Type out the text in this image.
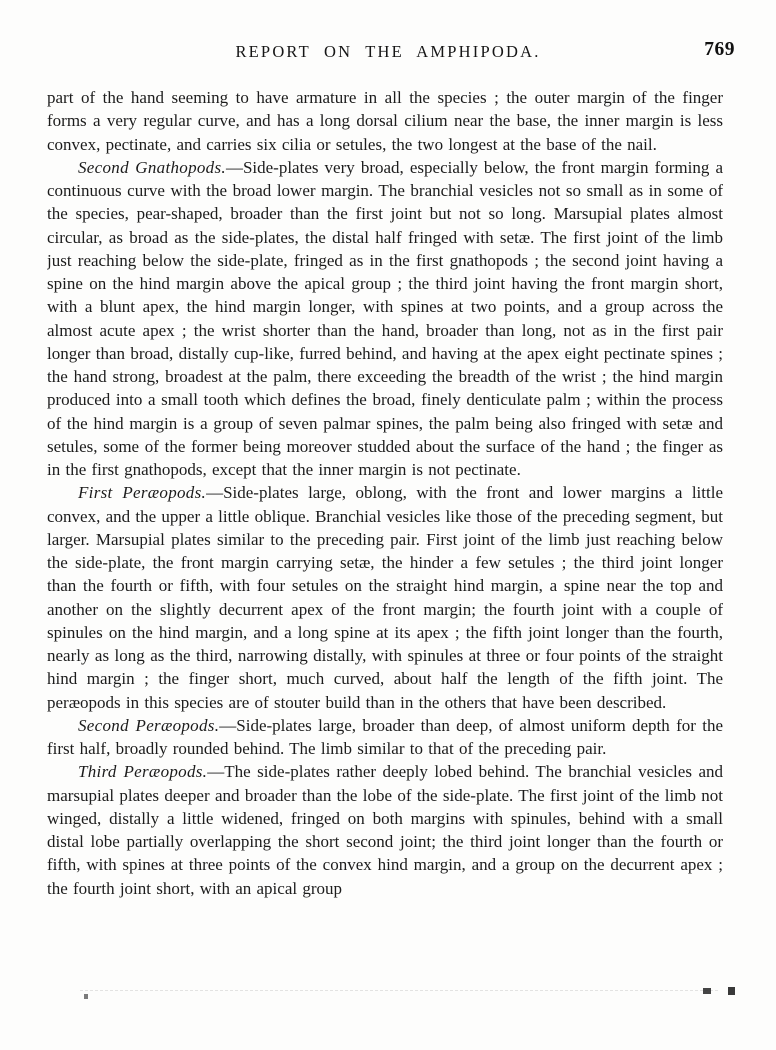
REPORT ON THE AMPHIPODA.	769

part of the hand seeming to have armature in all the species ; the outer margin of the finger forms a very regular curve, and has a long dorsal cilium near the base, the inner margin is less convex, pectinate, and carries six cilia or setules, the two longest at the base of the nail.

Second Gnathopods.—Side-plates very broad, especially below, the front margin forming a continuous curve with the broad lower margin. The branchial vesicles not so small as in some of the species, pear-shaped, broader than the first joint but not so long. Marsupial plates almost circular, as broad as the side-plates, the distal half fringed with setæ. The first joint of the limb just reaching below the side-plate, fringed as in the first gnathopods ; the second joint having a spine on the hind margin above the apical group ; the third joint having the front margin short, with a blunt apex, the hind margin longer, with spines at two points, and a group across the almost acute apex ; the wrist shorter than the hand, broader than long, not as in the first pair longer than broad, distally cup-like, furred behind, and having at the apex eight pectinate spines ; the hand strong, broadest at the palm, there exceeding the breadth of the wrist ; the hind margin produced into a small tooth which defines the broad, finely denticulate palm ; within the process of the hind margin is a group of seven palmar spines, the palm being also fringed with setæ and setules, some of the former being moreover studded about the surface of the hand ; the finger as in the first gnathopods, except that the inner margin is not pectinate.

First Peræopods.—Side-plates large, oblong, with the front and lower margins a little convex, and the upper a little oblique. Branchial vesicles like those of the preceding segment, but larger. Marsupial plates similar to the preceding pair. First joint of the limb just reaching below the side-plate, the front margin carrying setæ, the hinder a few setules ; the third joint longer than the fourth or fifth, with four setules on the straight hind margin, a spine near the top and another on the slightly decurrent apex of the front margin; the fourth joint with a couple of spinules on the hind margin, and a long spine at its apex ; the fifth joint longer than the fourth, nearly as long as the third, narrowing distally, with spinules at three or four points of the straight hind margin ; the finger short, much curved, about half the length of the fifth joint. The peræopods in this species are of stouter build than in the others that have been described.

Second Peræopods.—Side-plates large, broader than deep, of almost uniform depth for the first half, broadly rounded behind. The limb similar to that of the preceding pair.

Third Peræopods.—The side-plates rather deeply lobed behind. The branchial vesicles and marsupial plates deeper and broader than the lobe of the side-plate. The first joint of the limb not winged, distally a little widened, fringed on both margins with spinules, behind with a small distal lobe partially overlapping the short second joint; the third joint longer than the fourth or fifth, with spines at three points of the convex hind margin, and a group on the decurrent apex ; the fourth joint short, with an apical group
